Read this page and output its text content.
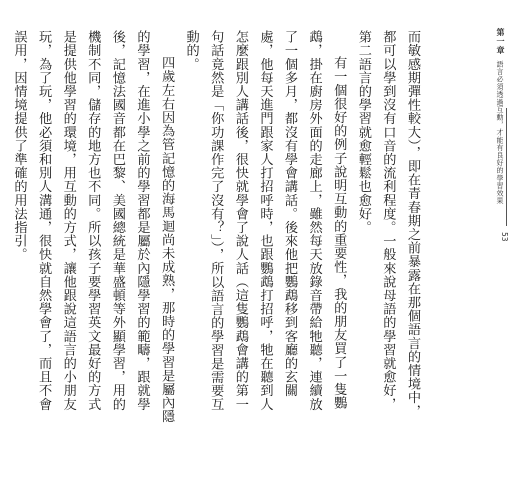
第一章 語言必須透過互動，才能有良好的學習效果
53

而敏感期彈性較大），即在青春期之前暴露在那個語言的情境中，都可以學到沒有口音的流利程度。一般來說母語的學習就愈好，第二語言的學習就愈輕鬆也愈好。

有一個很好的例子說明互動的重要性，我的朋友買了一隻鸚鵡，掛在廚房外面的走廊上，雖然每天放錄音帶給牠聽，連續放了一個多月，都沒有學會講話。後來他把鸚鵡移到客廳的玄關處，他每天進門跟家人打招呼時，也跟鸚鵡打招呼，牠在聽到人怎麼跟別人講話後，很快就學會了說人話（這隻鸚鵡會講的第一句話竟然是「你功課作完了沒有？」），所以語言的學習是需要互動的。

四歲左右因為管記憶的海馬迴尚未成熟，那時的學習是屬內隱的學習，在進小學之前的學習都是屬於內隱學習的範疇，跟就學後，記憶法國音都在巴黎、美國總統是華盛頓等外顯學習，用的機制不同，儲存的地方也不同。所以孩子要學習英文最好的方式是提供他學習的環境，用互動的方式，讓他跟說這語言的小朋友玩，為了玩，他必須和別人溝通，很快就自然學會了，而且不會誤用，因情境提供了準確的用法指引。
